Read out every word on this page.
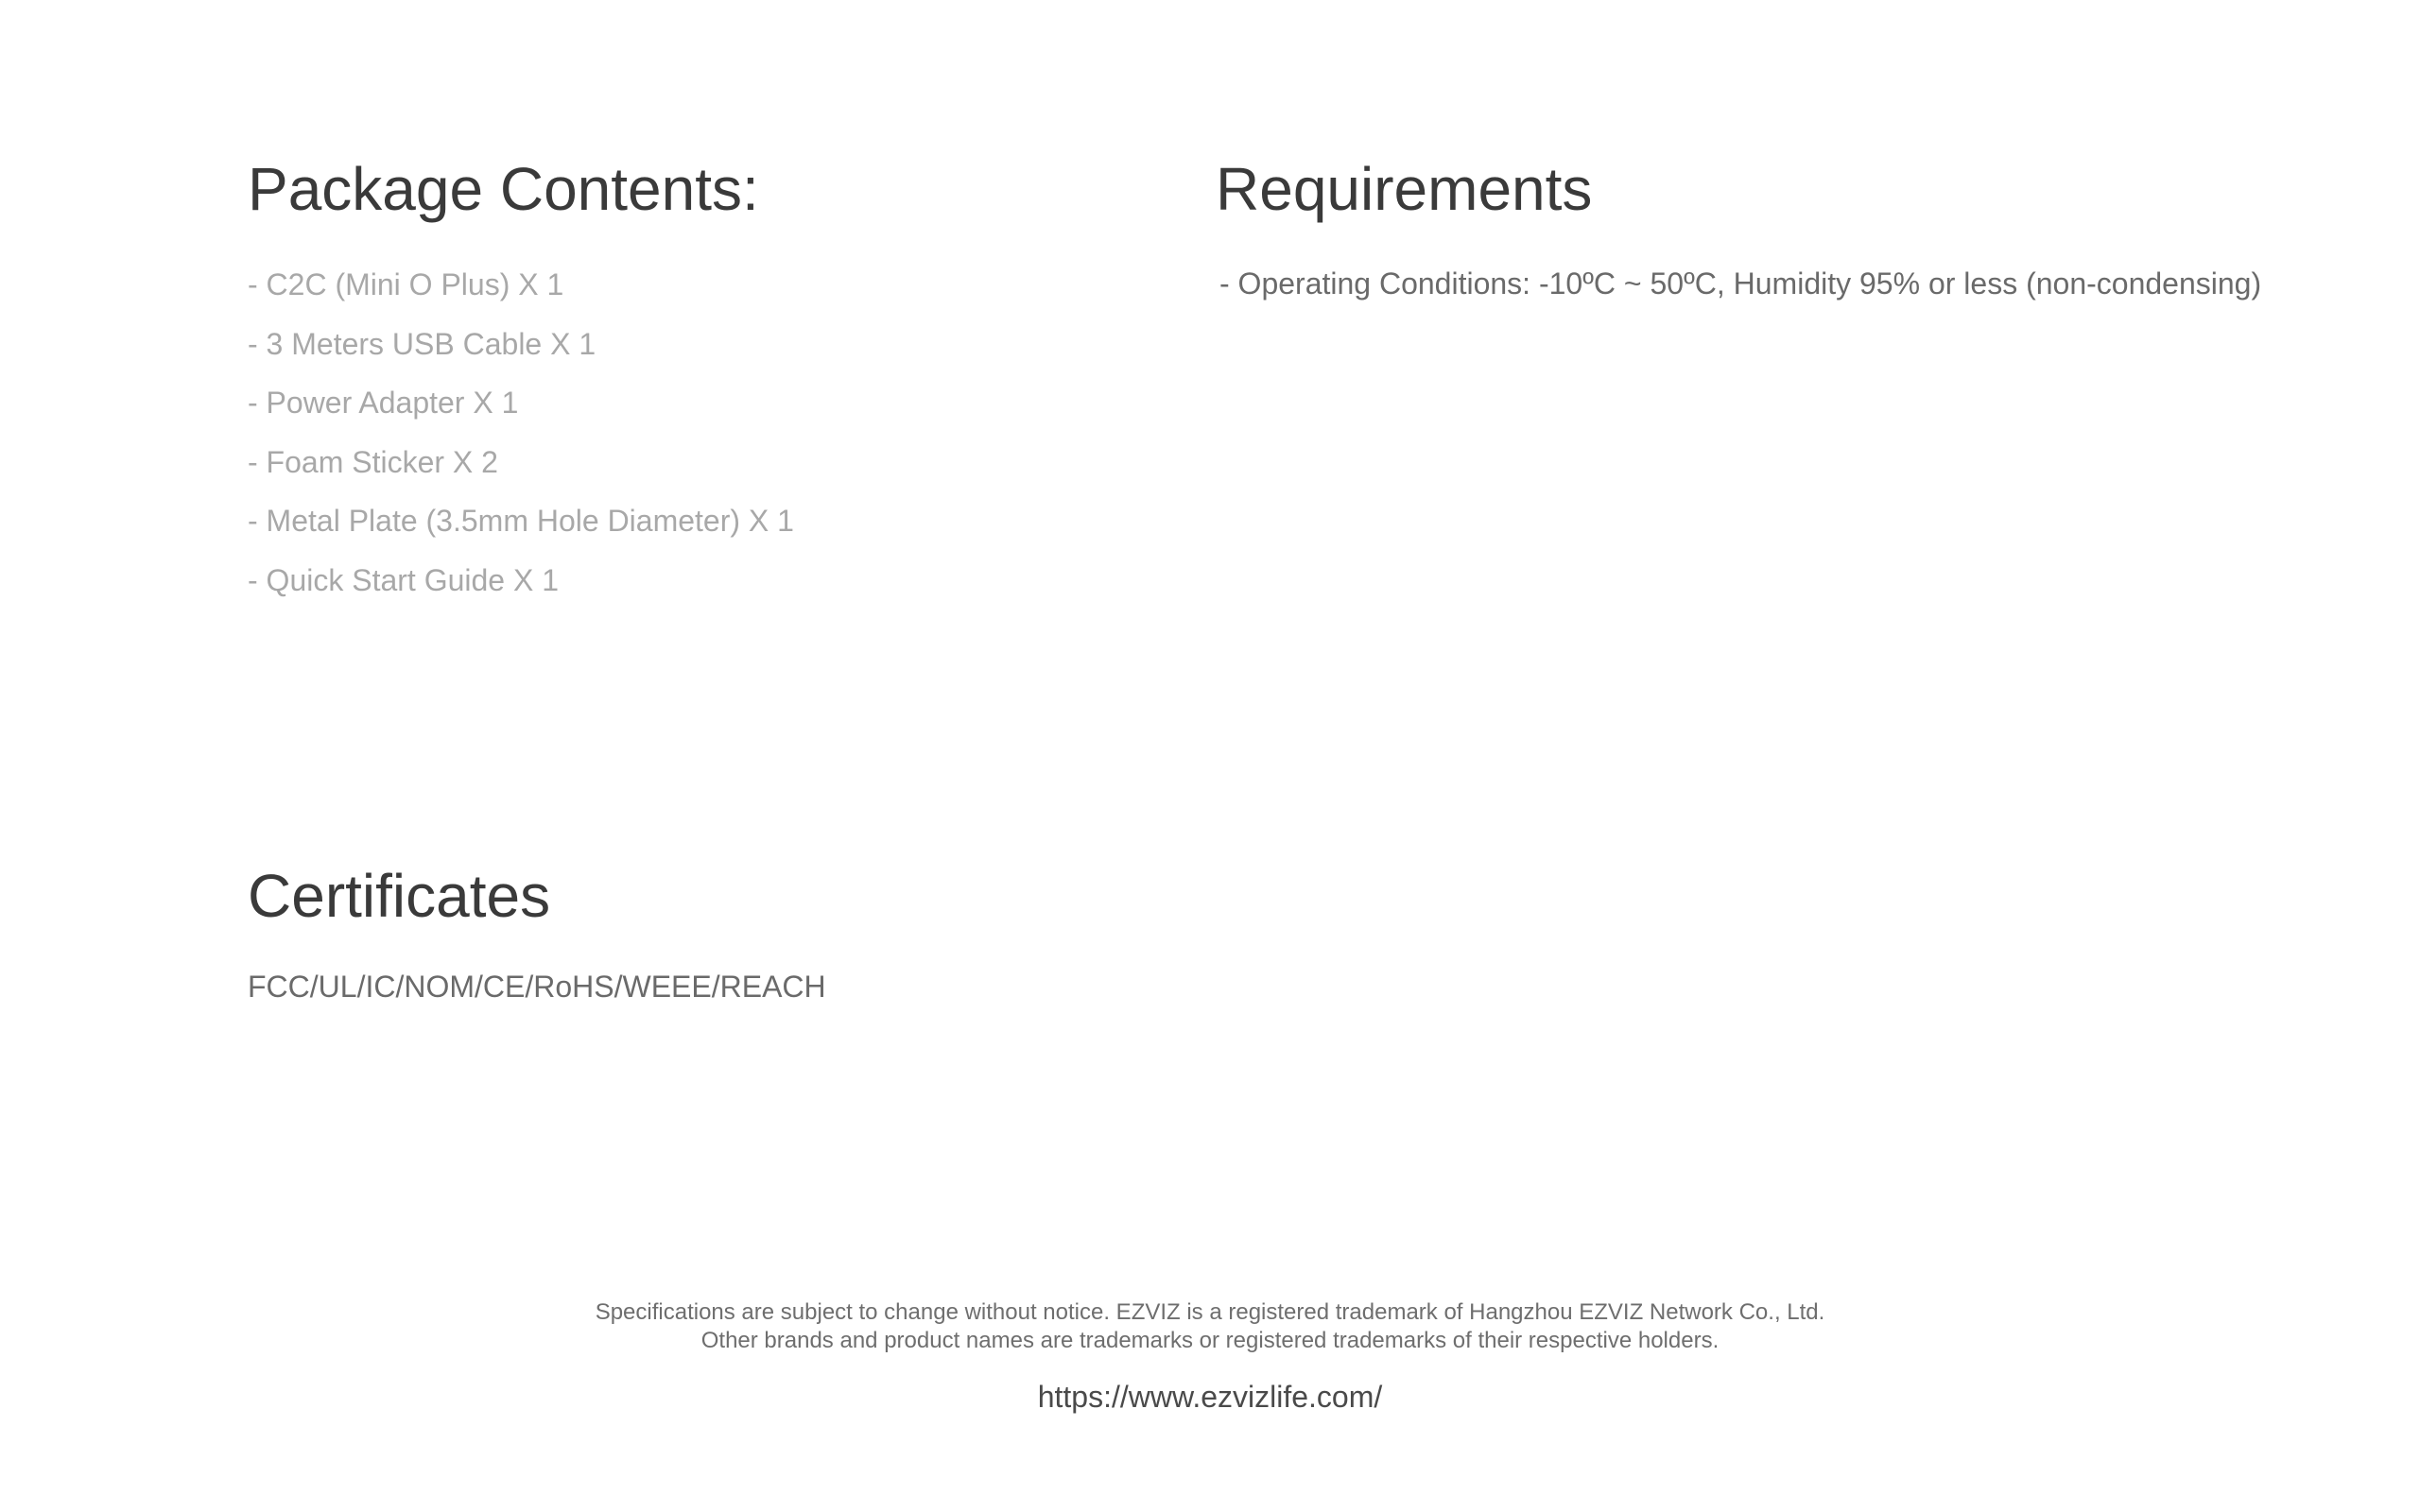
Package Contents:
- C2C (Mini O Plus) X 1
- 3 Meters USB Cable X 1
- Power Adapter X 1
- Foam Sticker X 2
- Metal Plate (3.5mm Hole Diameter) X 1
- Quick Start Guide X 1
Requirements

- Operating Conditions: -10ºC ~ 50ºC, Humidity 95% or less (non-condensing)

Certificates

FCC/UL/IC/NOM/CE/RoHS/WEEE/REACH

Specifications are subject to change without notice. EZVIZ is a registered trademark of Hangzhou EZVIZ Network Co., Ltd.
Other brands and product names are trademarks or registered trademarks of their respective holders.
https://www.ezvizlife.com/
